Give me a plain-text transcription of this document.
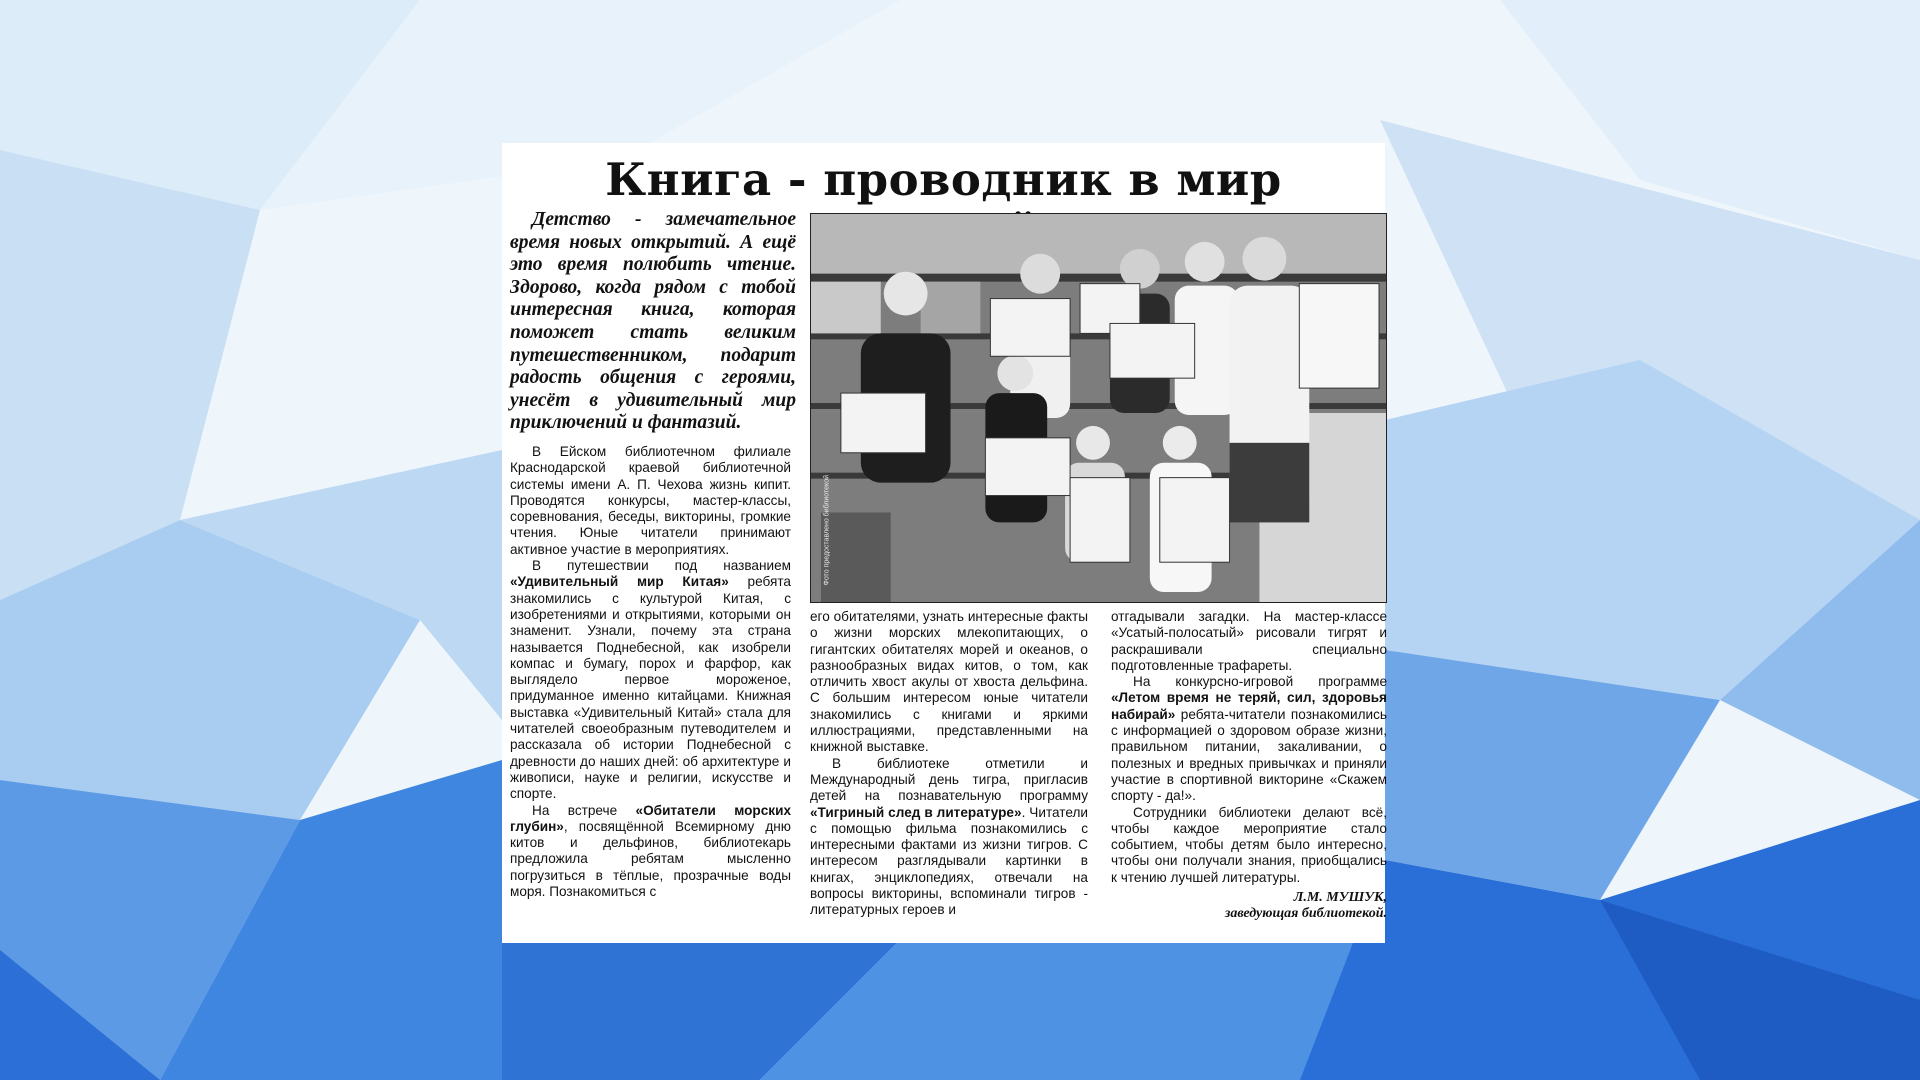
Книга - проводник в мир
Детство - замечательное время новых открытий. А ещё это время полюбить чтение. Здорово, когда рядом с тобой интересная книга, которая поможет стать великим путешественником, подарит радость общения с героями, унесёт в удивительный мир приключений и фантазий.

В Ейском библиотечном филиале Краснодарской краевой библиотечной системы имени А. П. Чехова жизнь кипит. Проводятся конкурсы, мастер-классы, соревнования, беседы, викторины, громкие чтения. Юные читатели принимают активное участие в мероприятиях.

В путешествии под названием «Удивительный мир Китая» ребята знакомились с культурой Китая, с изобретениями и открытиями, которыми он знаменит. Узнали, почему эта страна называется Поднебесной, как изобрели компас и бумагу, порох и фарфор, как выглядело первое мороженое, придуманное именно китайцами. Книжная выставка «Удивительный Китай» стала для читателей своеобразным путеводителем и рассказала об истории Поднебесной с древности до наших дней: об архитектуре и живописи, науке и религии, искусстве и спорте.

На встрече «Обитатели морских глубин», посвящённой Всемирному дню китов и дельфинов, библиотекарь предложила ребятам мысленно погрузиться в тёплые, прозрачные воды моря. Познакомиться с

Фото предоставлено библиотекой

его обитателями, узнать интересные факты о жизни морских млекопитающих, о гигантских обитателях морей и океанов, о разнообразных видах китов, о том, как отличить хвост акулы от хвоста дельфина. С большим интересом юные читатели знакомились с книгами и яркими иллюстрациями, представленными на книжной выставке.

В библиотеке отметили и Международный день тигра, пригласив детей на познавательную программу «Тигриный след в литературе». Читатели с помощью фильма познакомились с интересными фактами из жизни тигров. С интересом разглядывали картинки в книгах, энциклопедиях, отвечали на вопросы викторины, вспоминали тигров - литературных героев и

отгадывали загадки. На мастер-классе «Усатый-полосатый» рисовали тигрят и раскрашивали специально подготовленные трафареты.

На конкурсно-игровой программе «Летом время не теряй, сил, здоровья набирай» ребята-читатели познакомились с информацией о здоровом образе жизни, правильном питании, закаливании, о полезных и вредных привычках и приняли участие в спортивной викторине «Скажем спорту - да!».

Сотрудники библиотеки делают всё, чтобы каждое мероприятие стало событием, чтобы детям было интересно, чтобы они получали знания, приобщались к чтению лучшей литературы.

Л.М. МУШУК,
заведующая библиотекой.
